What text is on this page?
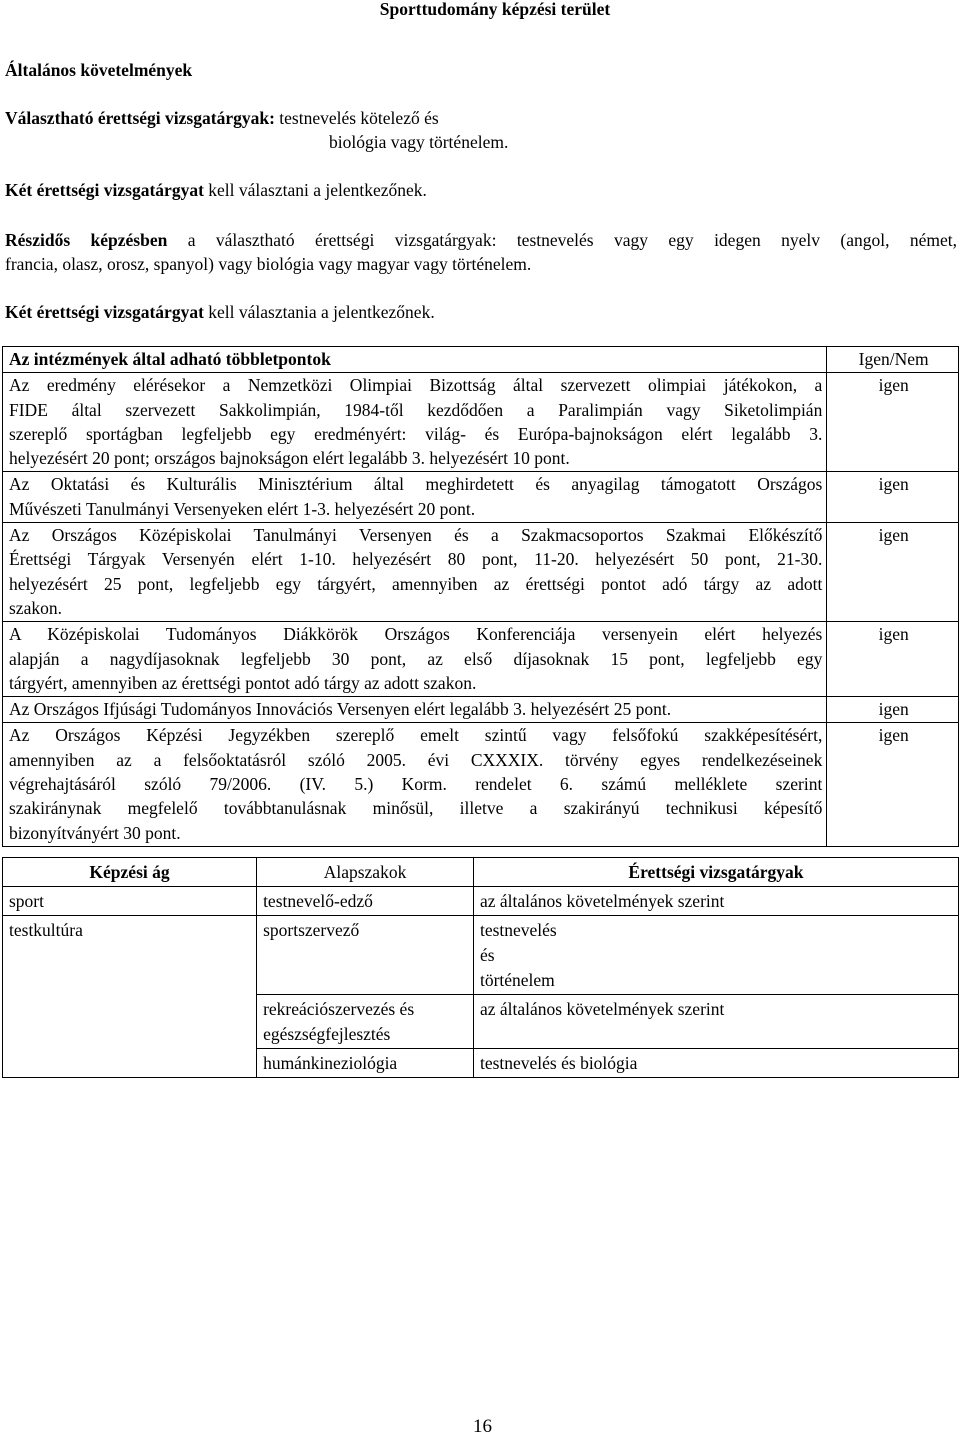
Sporttudomány képzési terület
Általános követelmények
Választható érettségi vizsgatárgyak: testnevelés kötelező és
biológia vagy történelem.
Két érettségi vizsgatárgyat kell választani a jelentkezőnek.
Részidős képzésben a választható érettségi vizsgatárgyak: testnevelés vagy egy idegen nyelv (angol, német,
francia, olasz, orosz, spanyol) vagy biológia vagy magyar vagy történelem.
Két érettségi vizsgatárgyat kell választania a jelentkezőnek.
Az intézmények által adható többletpontok	Igen/Nem

Az eredmény elérésekor a Nemzetközi Olimpiai Bizottság által szervezett olimpiai játékokon, a
FIDE által szervezett Sakkolimpián, 1984-től kezdődően a Paralimpián vagy Siketolimpián
szereplő sportágban legfeljebb egy eredményért: világ- és Európa-bajnokságon elért legalább 3.
helyezésért 20 pont; országos bajnokságon elért legalább 3. helyezésért 10 pont.	igen

Az Oktatási és Kulturális Minisztérium által meghirdetett és anyagilag támogatott Országos
Művészeti Tanulmányi Versenyeken elért 1-3. helyezésért 20 pont.	igen

Az Országos Középiskolai Tanulmányi Versenyen és a Szakmacsoportos Szakmai Előkészítő
Érettségi Tárgyak Versenyén elért 1-10. helyezésért 80 pont, 11-20. helyezésért 50 pont, 21-30.
helyezésért 25 pont, legfeljebb egy tárgyért, amennyiben az érettségi pontot adó tárgy az adott
szakon.	igen

A Középiskolai Tudományos Diákkörök Országos Konferenciája versenyein elért helyezés
alapján a nagydíjasoknak legfeljebb 30 pont, az első díjasoknak 15 pont, legfeljebb egy
tárgyért, amennyiben az érettségi pontot adó tárgy az adott szakon.	igen

Az Országos Ifjúsági Tudományos Innovációs Versenyen elért legalább 3. helyezésért 25 pont.	igen

Az Országos Képzési Jegyzékben szereplő emelt szintű vagy felsőfokú szakképesítésért,
amennyiben az a felsőoktatásról szóló 2005. évi CXXXIX. törvény egyes rendelkezéseinek
végrehajtásáról szóló 79/2006. (IV. 5.) Korm. rendelet 6. számú melléklete szerint
szakiránynak megfelelő továbbtanulásnak minősül, illetve a szakirányú technikusi képesítő
bizonyítványért 30 pont.	igen
Képzési ág	Alapszakok	Érettségi vizsgatárgyak
sport	testnevelő-edző	az általános követelmények szerint

testkultúra	sportszervező	testnevelés
és
történelem

	rekreációszervezés és
egészségfejlesztés	az általános követelmények szerint

	humánkineziológia	testnevelés és biológia
16
